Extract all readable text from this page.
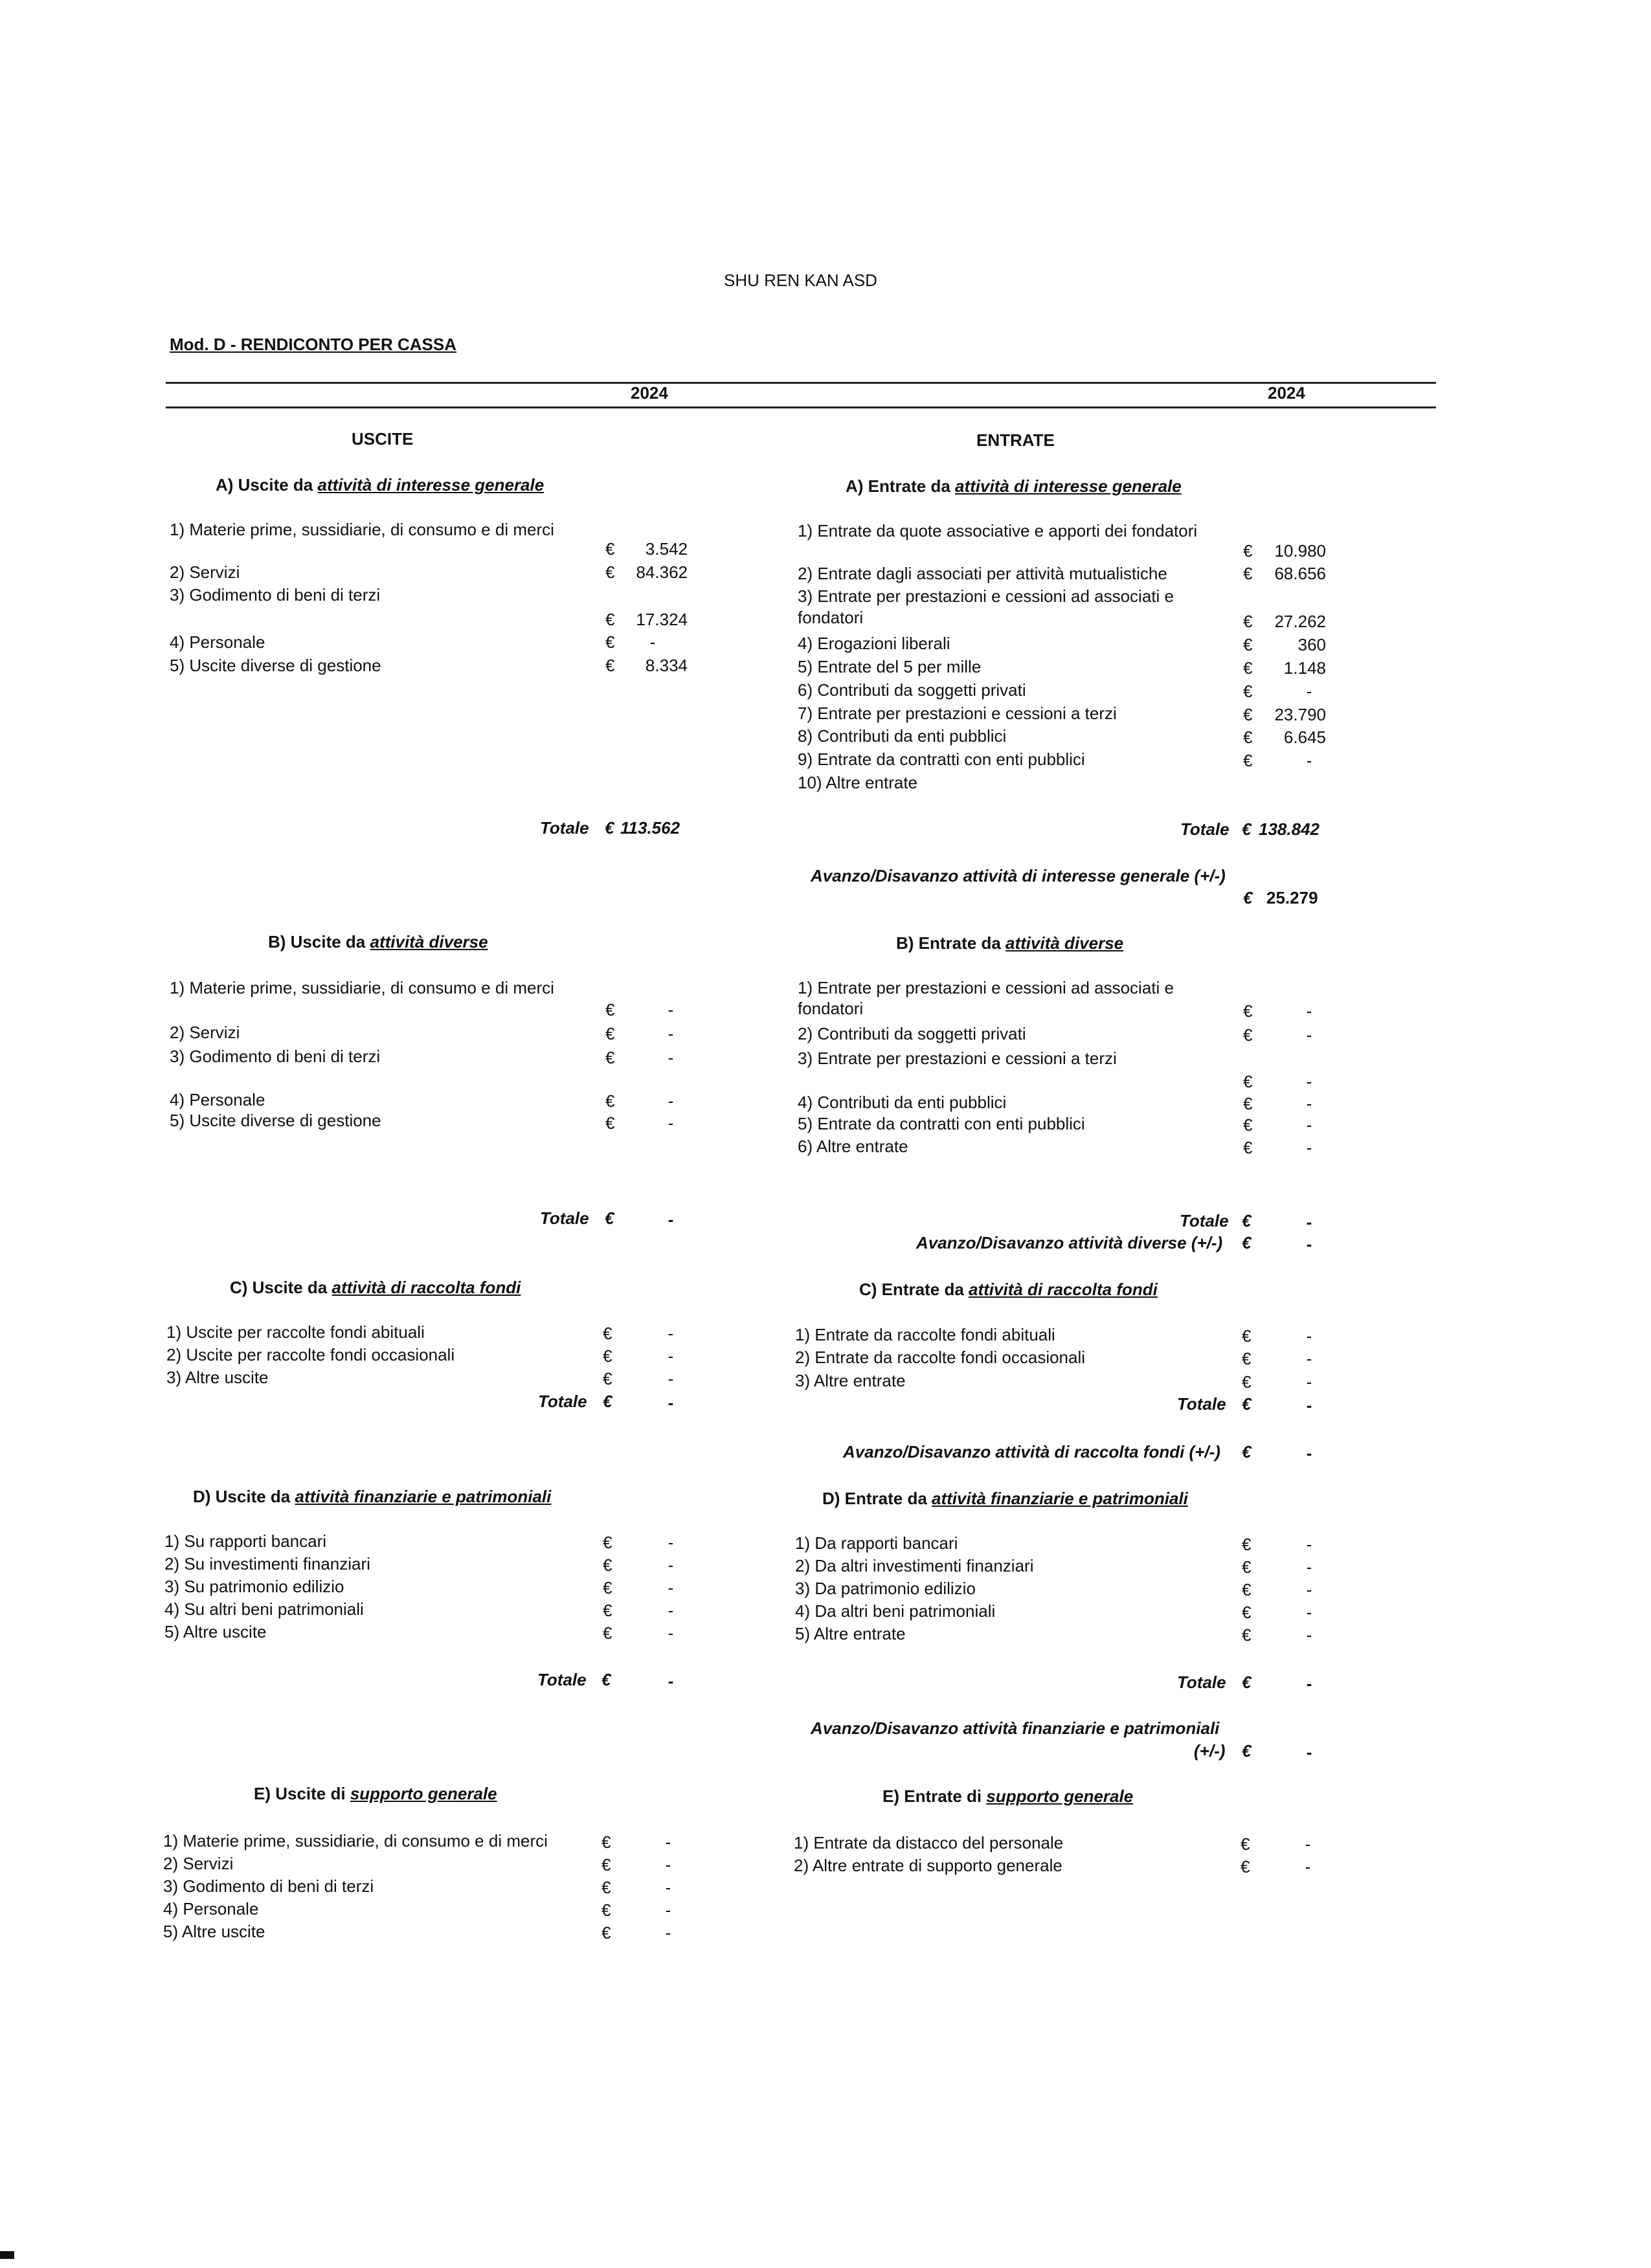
SHU REN KAN ASD
Mod. D - RENDICONTO PER CASSA
2024	2024
USCITE	ENTRATE
A) Uscite da attività di interesse generale	A) Entrate da attività di interesse generale
1) Materie prime, sussidiarie, di consumo e di merci
€	3.542
2) Servizi	€	84.362
3) Godimento di beni di terzi
€	17.324
4) Personale	€	-
5) Uscite diverse di gestione	€	8.334
1) Entrate da quote associative e apporti dei fondatori
€	10.980
2) Entrate dagli associati per attività mutualistiche	€	68.656
3) Entrate per prestazioni e cessioni ad associati e
fondatori	€	27.262
4) Erogazioni liberali	€	360
5) Entrate del 5 per mille	€	1.148
6) Contributi da soggetti privati	€	-
7) Entrate per prestazioni e cessioni a terzi	€	23.790
8) Contributi da enti pubblici	€	6.645
9) Entrate da contratti con enti pubblici	€	-
10) Altre entrate
Totale € 113.562	Totale € 138.842
Avanzo/Disavanzo attività di interesse generale (+/-)
€ 25.279
B) Uscite da attività diverse	B) Entrate da attività diverse
1) Materie prime, sussidiarie, di consumo e di merci
€	-
2) Servizi	€	-
3) Godimento di beni di terzi	€	-
4) Personale	€	-
5) Uscite diverse di gestione	€	-
1) Entrate per prestazioni e cessioni ad associati e
fondatori	€	-
2) Contributi da soggetti privati	€	-
3) Entrate per prestazioni e cessioni a terzi
€	-
4) Contributi da enti pubblici	€	-
5) Entrate da contratti con enti pubblici	€	-
6) Altre entrate	€	-
Totale €	-	Totale €	-
Avanzo/Disavanzo attività diverse (+/-) €	-
C) Uscite da attività di raccolta fondi	C) Entrate da attività di raccolta fondi
1) Uscite per raccolte fondi abituali	€	-
2) Uscite per raccolte fondi occasionali	€	-
3) Altre uscite	€	-
Totale €	-
1) Entrate da raccolte fondi abituali	€	-
2) Entrate da raccolte fondi occasionali	€	-
3) Altre entrate	€	-
Totale €	-
Avanzo/Disavanzo attività di raccolta fondi (+/-) €	-
D) Uscite da attività finanziarie e patrimoniali	D) Entrate da attività finanziarie e patrimoniali
1) Su rapporti bancari	€	-
2) Su investimenti finanziari	€	-
3) Su patrimonio edilizio	€	-
4) Su altri beni patrimoniali	€	-
5) Altre uscite	€	-
Totale €	-
1) Da rapporti bancari	€	-
2) Da altri investimenti finanziari	€	-
3) Da patrimonio edilizio	€	-
4) Da altri beni patrimoniali	€	-
5) Altre entrate	€	-
Totale €	-
Avanzo/Disavanzo attività finanziarie e patrimoniali
(+/-) €	-
E) Uscite di supporto generale	E) Entrate di supporto generale
1) Materie prime, sussidiarie, di consumo e di merci	€	-
2) Servizi	€	-
3) Godimento di beni di terzi	€	-
4) Personale	€	-
5) Altre uscite	€	-
1) Entrate da distacco del personale	€	-
2) Altre entrate di supporto generale	€	-
